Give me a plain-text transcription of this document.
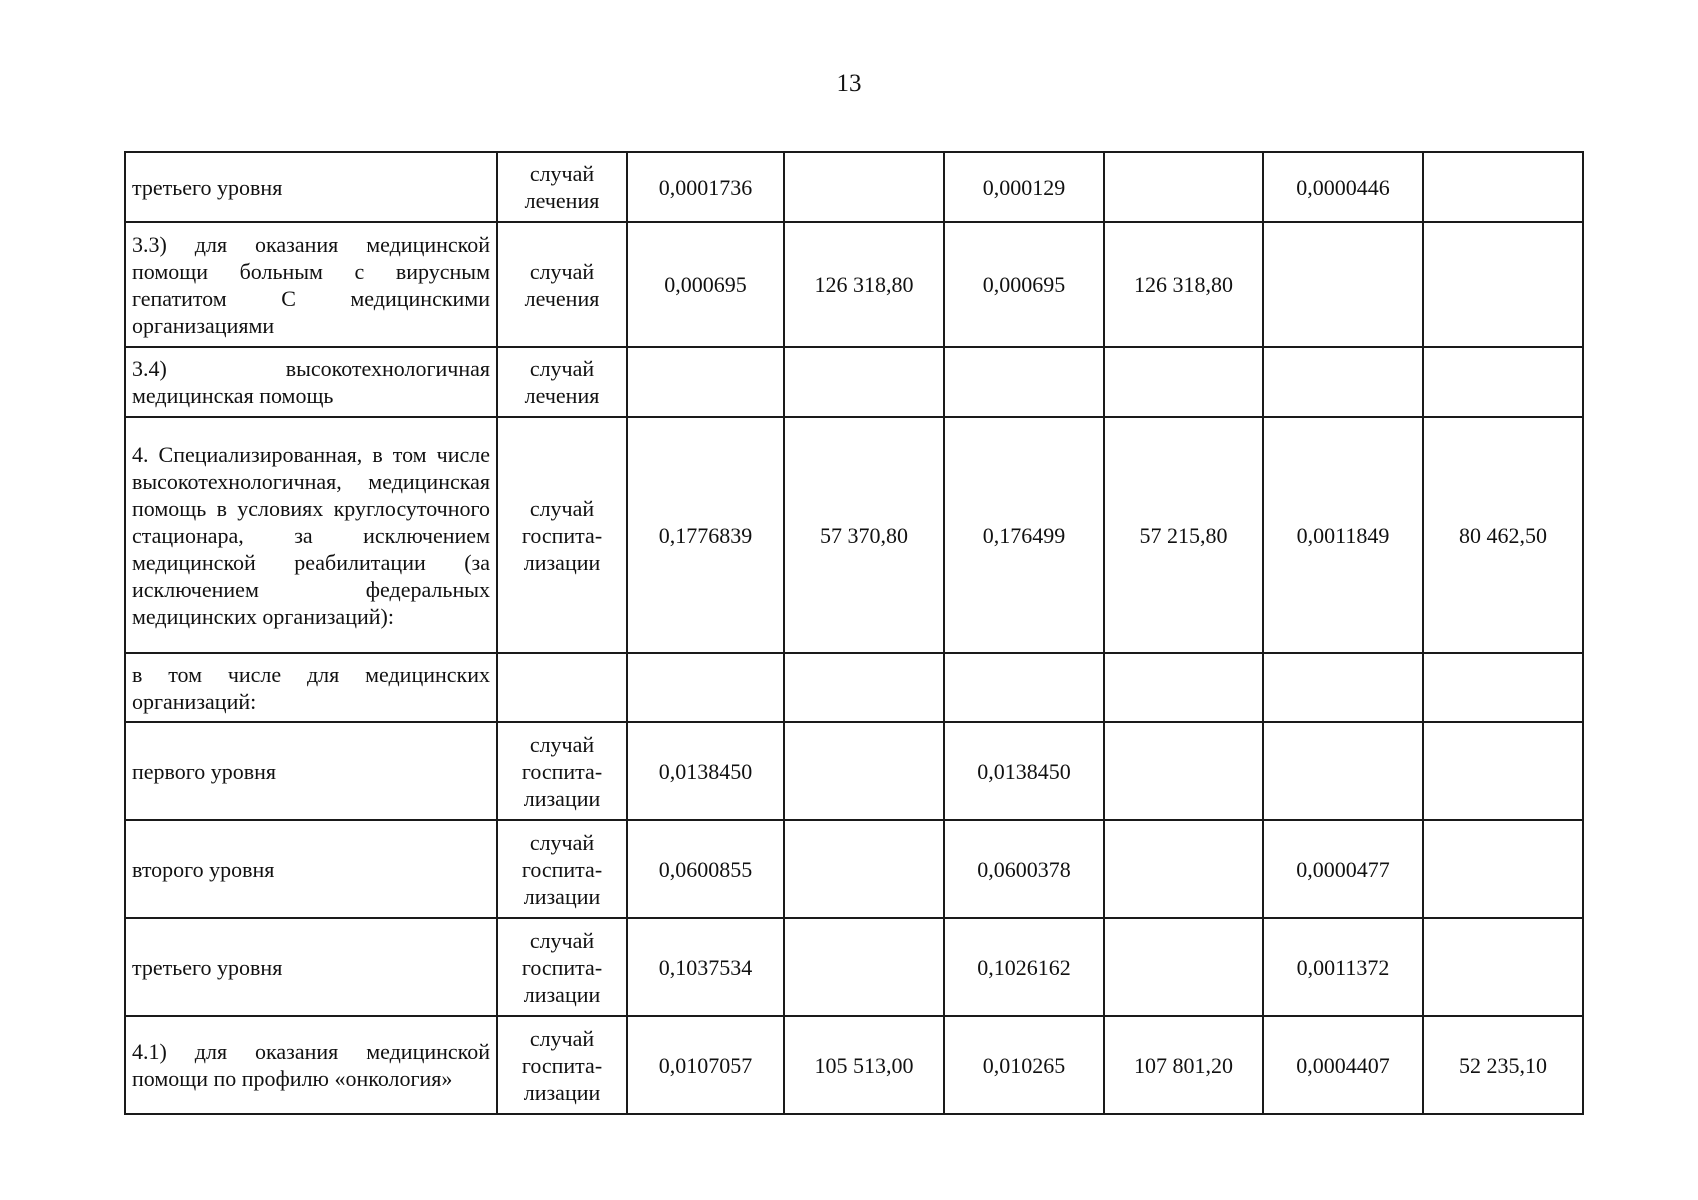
13
третьего уровня	случай лечения	0,0001736		0,000129		0,0000446	
3.3) для оказания медицинской помощи больным с вирусным гепатитом С медицинскими организациями	случай лечения	0,000695	126 318,80	0,000695	126 318,80		
3.4) высокотехнологичная медицинская помощь	случай лечения						
4. Специализированная, в том числе высокотехнологичная, медицинская помощь в условиях круглосуточного стационара, за исключением медицинской реабилитации (за исключением федеральных медицинских организаций):	случай госпита-лизации	0,1776839	57 370,80	0,176499	57 215,80	0,0011849	80 462,50
в том числе для медицинских организаций:							
первого уровня	случай госпита-лизации	0,0138450		0,0138450			
второго уровня	случай госпита-лизации	0,0600855		0,0600378		0,0000477	
третьего уровня	случай госпита-лизации	0,1037534		0,1026162		0,0011372	
4.1) для оказания медицинской помощи по профилю «онкология»	случай госпита-лизации	0,0107057	105 513,00	0,010265	107 801,20	0,0004407	52 235,10
